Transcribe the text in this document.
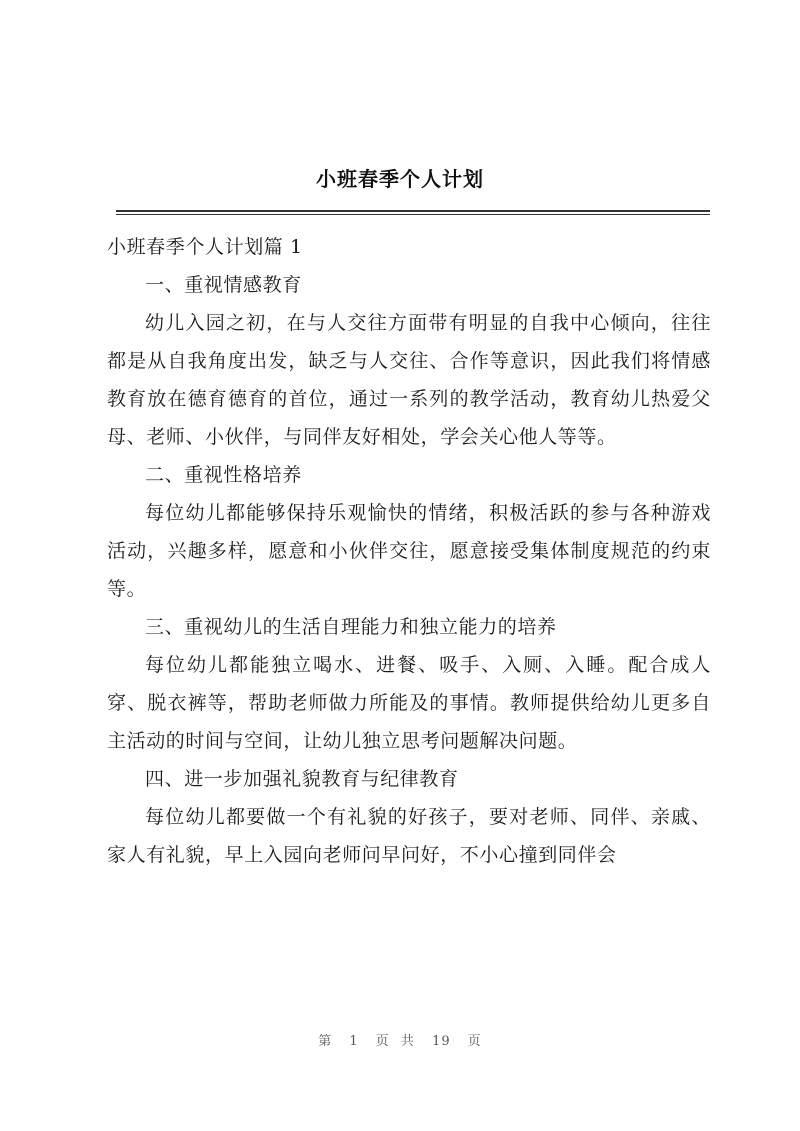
小班春季个人计划

小班春季个人计划篇 1

一、重视情感教育

幼儿入园之初，在与人交往方面带有明显的自我中心倾向，往往都是从自我角度出发，缺乏与人交往、合作等意识，因此我们将情感教育放在德育德育的首位，通过一系列的教学活动，教育幼儿热爱父母、老师、小伙伴，与同伴友好相处，学会关心他人等等。

二、重视性格培养

每位幼儿都能够保持乐观愉快的情绪，积极活跃的参与各种游戏活动，兴趣多样，愿意和小伙伴交往，愿意接受集体制度规范的约束等。

三、重视幼儿的生活自理能力和独立能力的培养

每位幼儿都能独立喝水、进餐、吸手、入厕、入睡。配合成人穿、脱衣裤等，帮助老师做力所能及的事情。教师提供给幼儿更多自主活动的时间与空间，让幼儿独立思考问题解决问题。

四、进一步加强礼貌教育与纪律教育

每位幼儿都要做一个有礼貌的好孩子，要对老师、同伴、亲戚、家人有礼貌，早上入园向老师问早问好，不小心撞到同伴会

第 1 页 共 19 页
